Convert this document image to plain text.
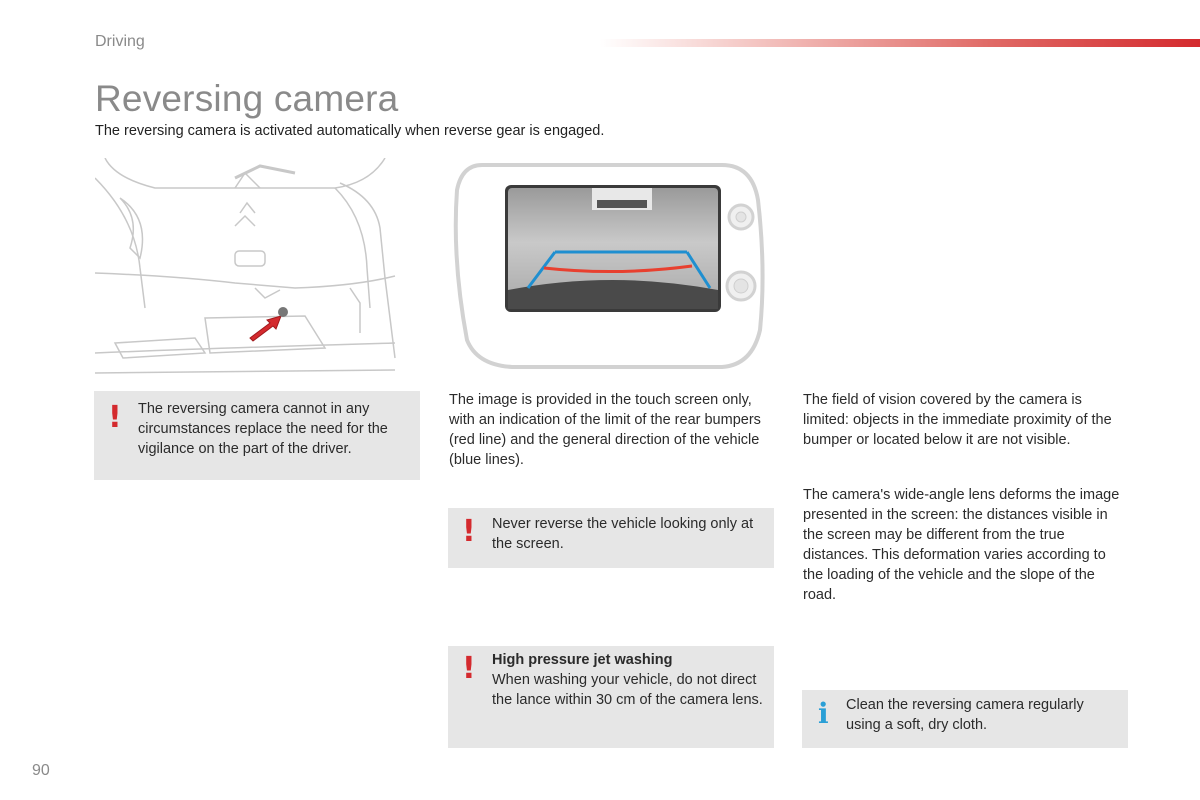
Driving
Reversing camera
The reversing camera is activated automatically when reverse gear is engaged.
! The reversing camera cannot in any circumstances replace the need for the vigilance on the part of the driver.
The image is provided in the touch screen only, with an indication of the limit of the rear bumpers (red line) and the general direction of the vehicle (blue lines).
! Never reverse the vehicle looking only at the screen.
! High pressure jet washing
When washing your vehicle, do not direct the lance within 30 cm of the camera lens.
The field of vision covered by the camera is limited: objects in the immediate proximity of the bumper or located below it are not visible.
The camera's wide-angle lens deforms the image presented in the screen: the distances visible in the screen may be different from the true distances. This deformation varies according to the loading of the vehicle and the slope of the road.
i Clean the reversing camera regularly using a soft, dry cloth.
90
